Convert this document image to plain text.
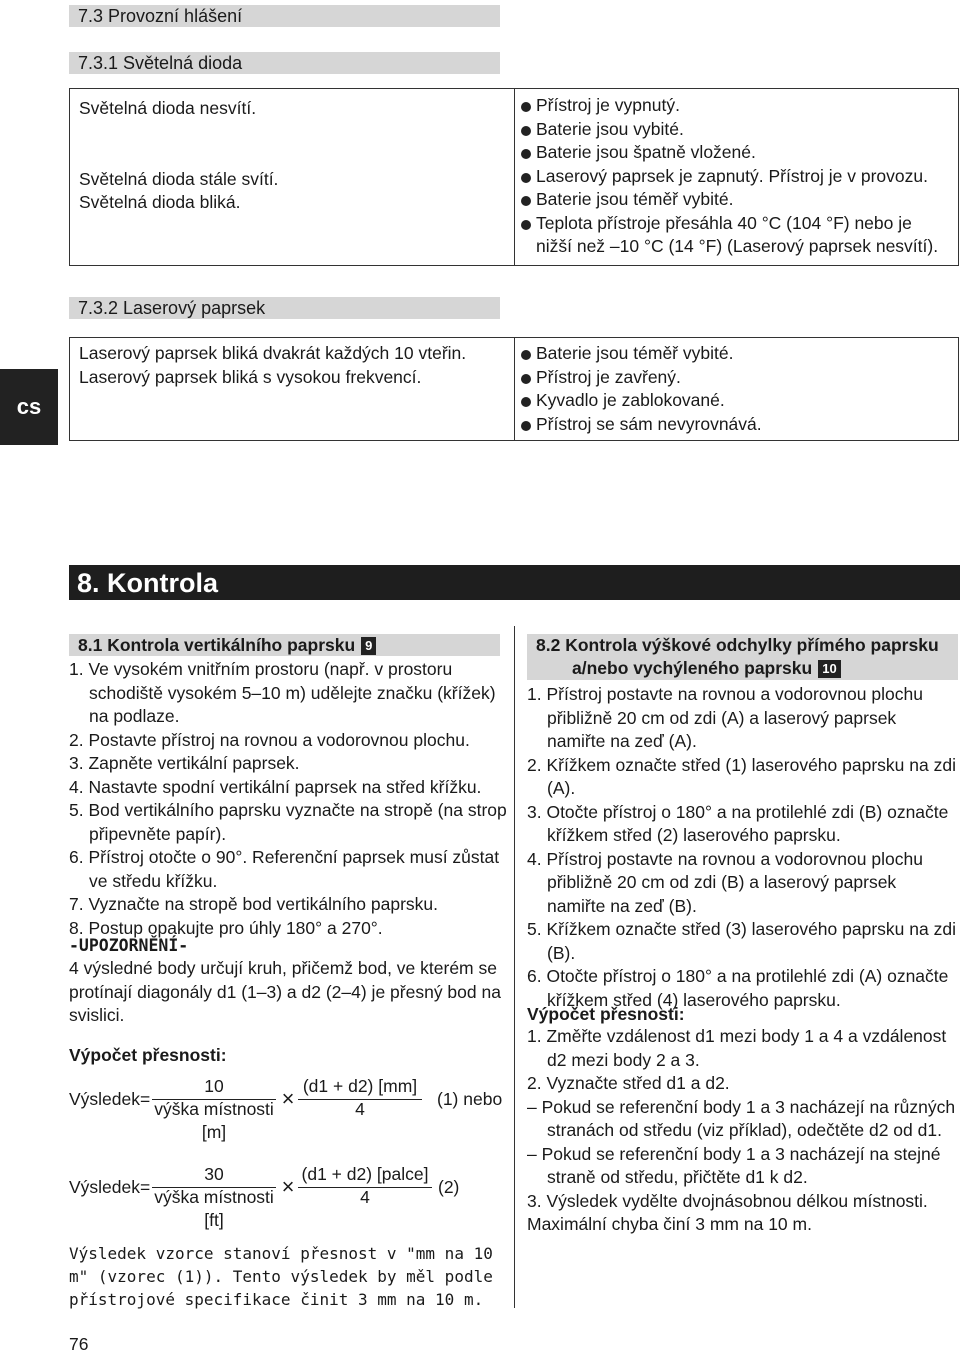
7.3 Provozní hlášení
7.3.1 Světelná dioda
Světelná dioda nesvítí.
Světelná dioda stále svítí.
Světelná dioda bliká.
Přístroj je vypnutý.
Baterie jsou vybité.
Baterie jsou špatně vložené.
Laserový paprsek je zapnutý. Přístroj je v provozu.
Baterie jsou téměř vybité.
Teplota přístroje přesáhla 40 °C (104 °F) nebo je nižší než –10 °C (14 °F) (Laserový paprsek nesvítí).
7.3.2 Laserový paprsek
cs
Laserový paprsek bliká dvakrát každých 10 vteřin.
Laserový paprsek bliká s vysokou frekvencí.
Baterie jsou téměř vybité.
Přístroj je zavřený.
Kyvadlo je zablokované.
Přístroj se sám nevyrovnává.
8. Kontrola
8.1 Kontrola vertikálního paprsku 9
1. Ve vysokém vnitřním prostoru (např. v prostoru schodiště vysokém 5–10 m) udělejte značku (křížek) na podlaze.
2. Postavte přístroj na rovnou a vodorovnou plochu.
3. Zapněte vertikální paprsek.
4. Nastavte spodní vertikální paprsek na střed křížku.
5. Bod vertikálního paprsku vyznačte na stropě (na strop připevněte papír).
6. Přístroj otočte o 90°. Referenční paprsek musí zůstat ve středu křížku.
7. Vyznačte na stropě bod vertikálního paprsku.
8. Postup opakujte pro úhly 180° a 270°.
-UPOZORNĚNÍ-
4 výsledné body určují kruh, přičemž bod, ve kterém se protínají diagonály d1 (1–3) a d2 (2–4) je přesný bod na svislici.
Výpočet přesnosti:
Výsledek=
10
výška místnosti
[m]
× (d1 + d2) [mm]
4	(1) nebo
Výsledek=
30
výška místnosti
[ft]
× (d1 + d2) [palce]
4	(2)
Výsledek vzorce stanoví přesnost v "mm na 10 m" (vzorec (1)). Tento výsledek by měl podle přístrojové specifikace činit 3 mm na 10 m.
8.2 Kontrola výškové odchylky přímého paprsku
a/nebo vychýleného paprsku 10
1. Přístroj postavte na rovnou a vodorovnou plochu přibližně 20 cm od zdi (A) a laserový paprsek namiřte na zeď (A).
2. Křížkem označte střed (1) laserového paprsku na zdi (A).
3. Otočte přístroj o 180° a na protilehlé zdi (B) označte křížkem střed (2) laserového paprsku.
4. Přístroj postavte na rovnou a vodorovnou plochu přibližně 20 cm od zdi (B) a laserový paprsek namiřte na zeď (B).
5. Křížkem označte střed (3) laserového paprsku na zdi (B).
6. Otočte přístroj o 180° a na protilehlé zdi (A) označte křížkem střed (4) laserového paprsku.
Výpočet přesnosti:
1. Změřte vzdálenost d1 mezi body 1 a 4 a vzdálenost d2 mezi body 2 a 3.
2. Vyznačte střed d1 a d2.
– Pokud se referenční body 1 a 3 nacházejí na různých stranách od středu (viz příklad), odečtěte d2 od d1.
– Pokud se referenční body 1 a 3 nacházejí na stejné straně od středu, přičtěte d1 k d2.
3. Výsledek vydělte dvojnásobnou délkou místnosti.
Maximální chyba činí 3 mm na 10 m.
76
